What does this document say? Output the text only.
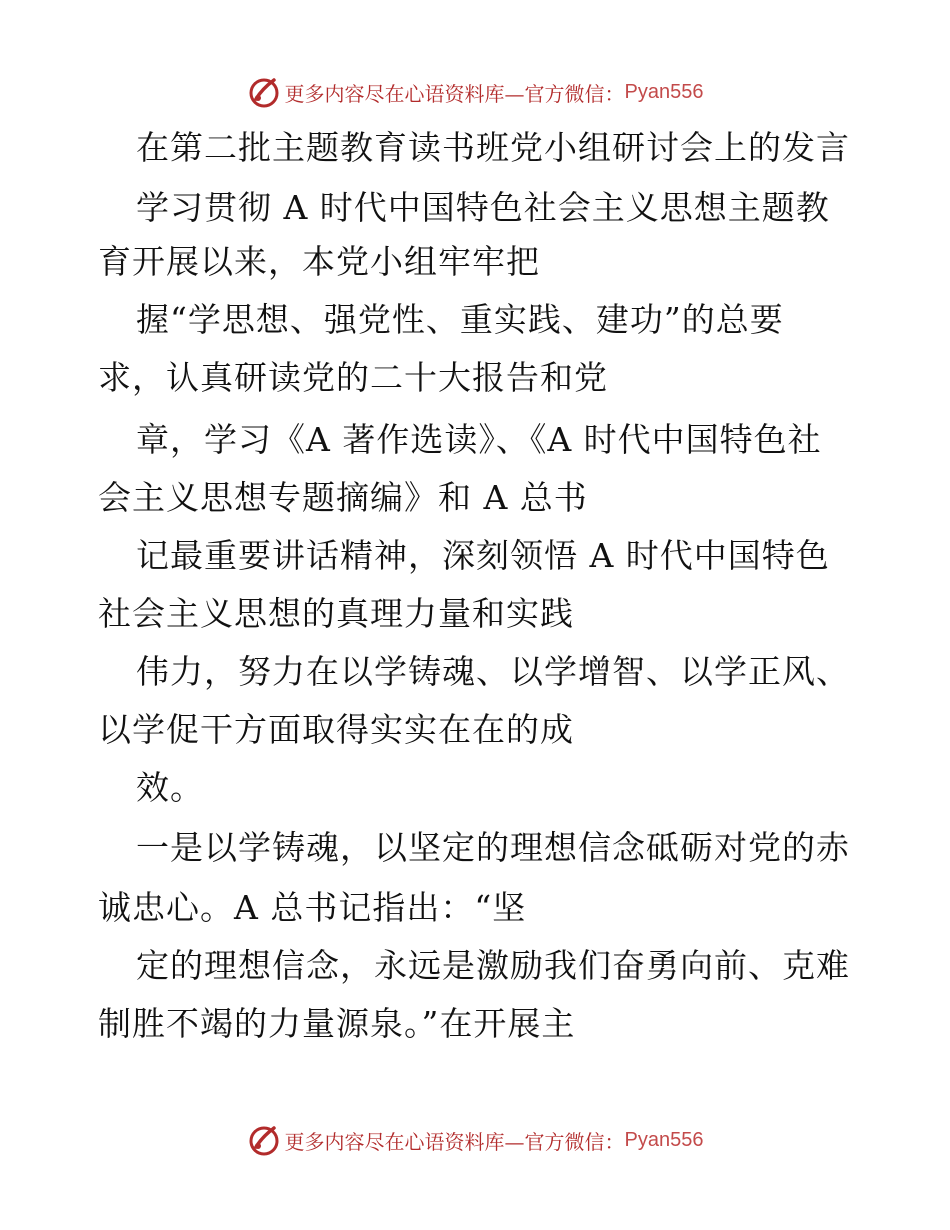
更多内容尽在心语资料库—官方微信： Pyan556
在第二批主题教育读书班党小组研讨会上的发言
学习贯彻 A 时代中国特色社会主义思想主题教
育开展以来，本党小组牢牢把
握“学思想、强党性、重实践、建功”的总要
求，认真研读党的二十大报告和党
章，学习《A 著作选读》、《A 时代中国特色社
会主义思想专题摘编》和 A 总书
记最重要讲话精神，深刻领悟 A 时代中国特色
社会主义思想的真理力量和实践
伟力，努力在以学铸魂、以学增智、以学正风、
以学促干方面取得实实在在的成
效。
一是以学铸魂，以坚定的理想信念砥砺对党的赤
诚忠心。A 总书记指出：“坚
定的理想信念，永远是激励我们奋勇向前、克难
制胜不竭的力量源泉。”在开展主
更多内容尽在心语资料库—官方微信： Pyan556
